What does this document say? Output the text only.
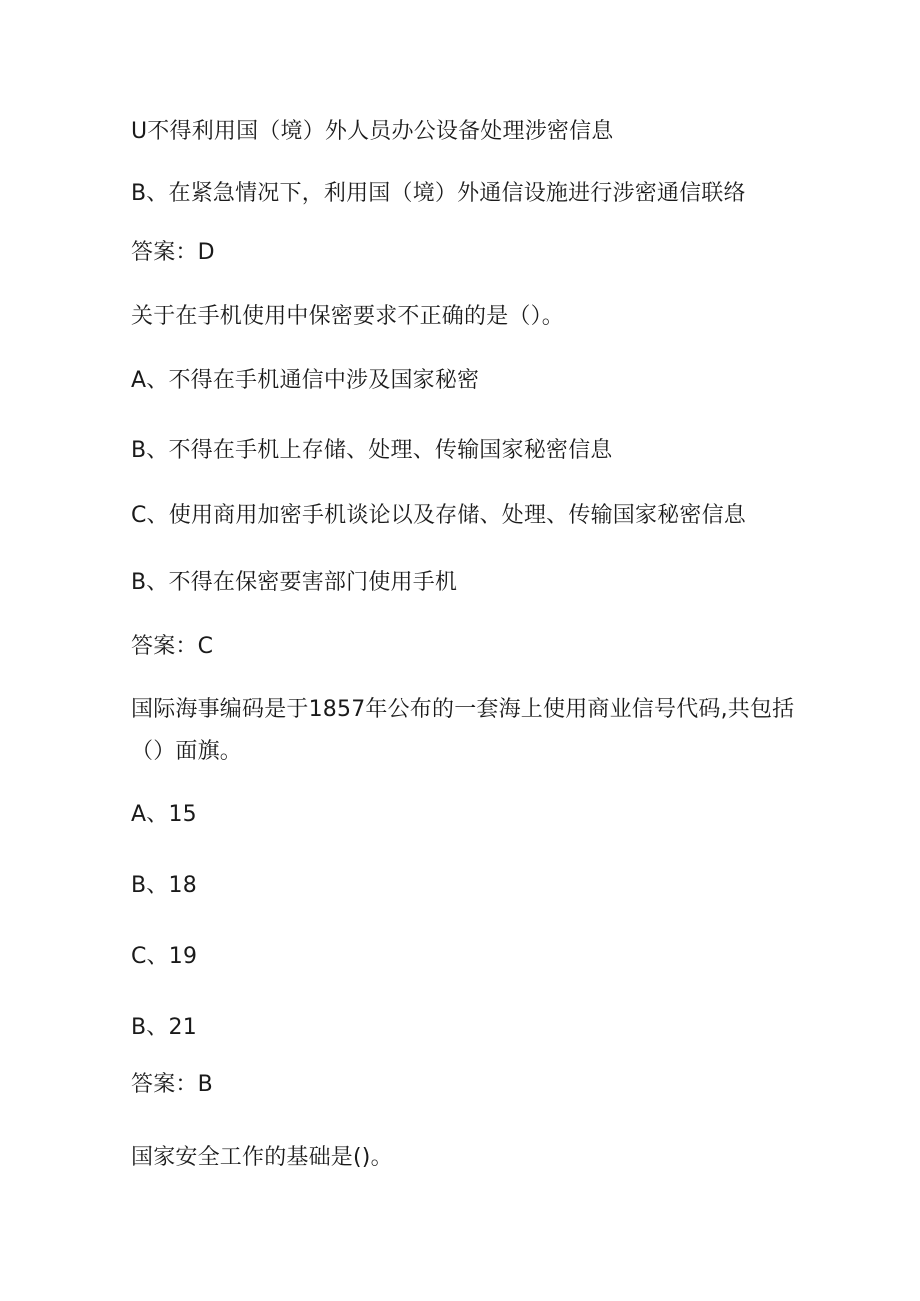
U不得利用国（境）外人员办公设备处理涉密信息

B、在紧急情况下，利用国（境）外通信设施进行涉密通信联络

答案：D

关于在手机使用中保密要求不正确的是（）。

A、不得在手机通信中涉及国家秘密

B、不得在手机上存储、处理、传输国家秘密信息

C、使用商用加密手机谈论以及存储、处理、传输国家秘密信息

B、不得在保密要害部门使用手机

答案：C

国际海事编码是于1857年公布的一套海上使用商业信号代码,共包括

（）面旗。

A、15

B、18

C、19

B、21

答案：B

国家安全工作的基础是()。
